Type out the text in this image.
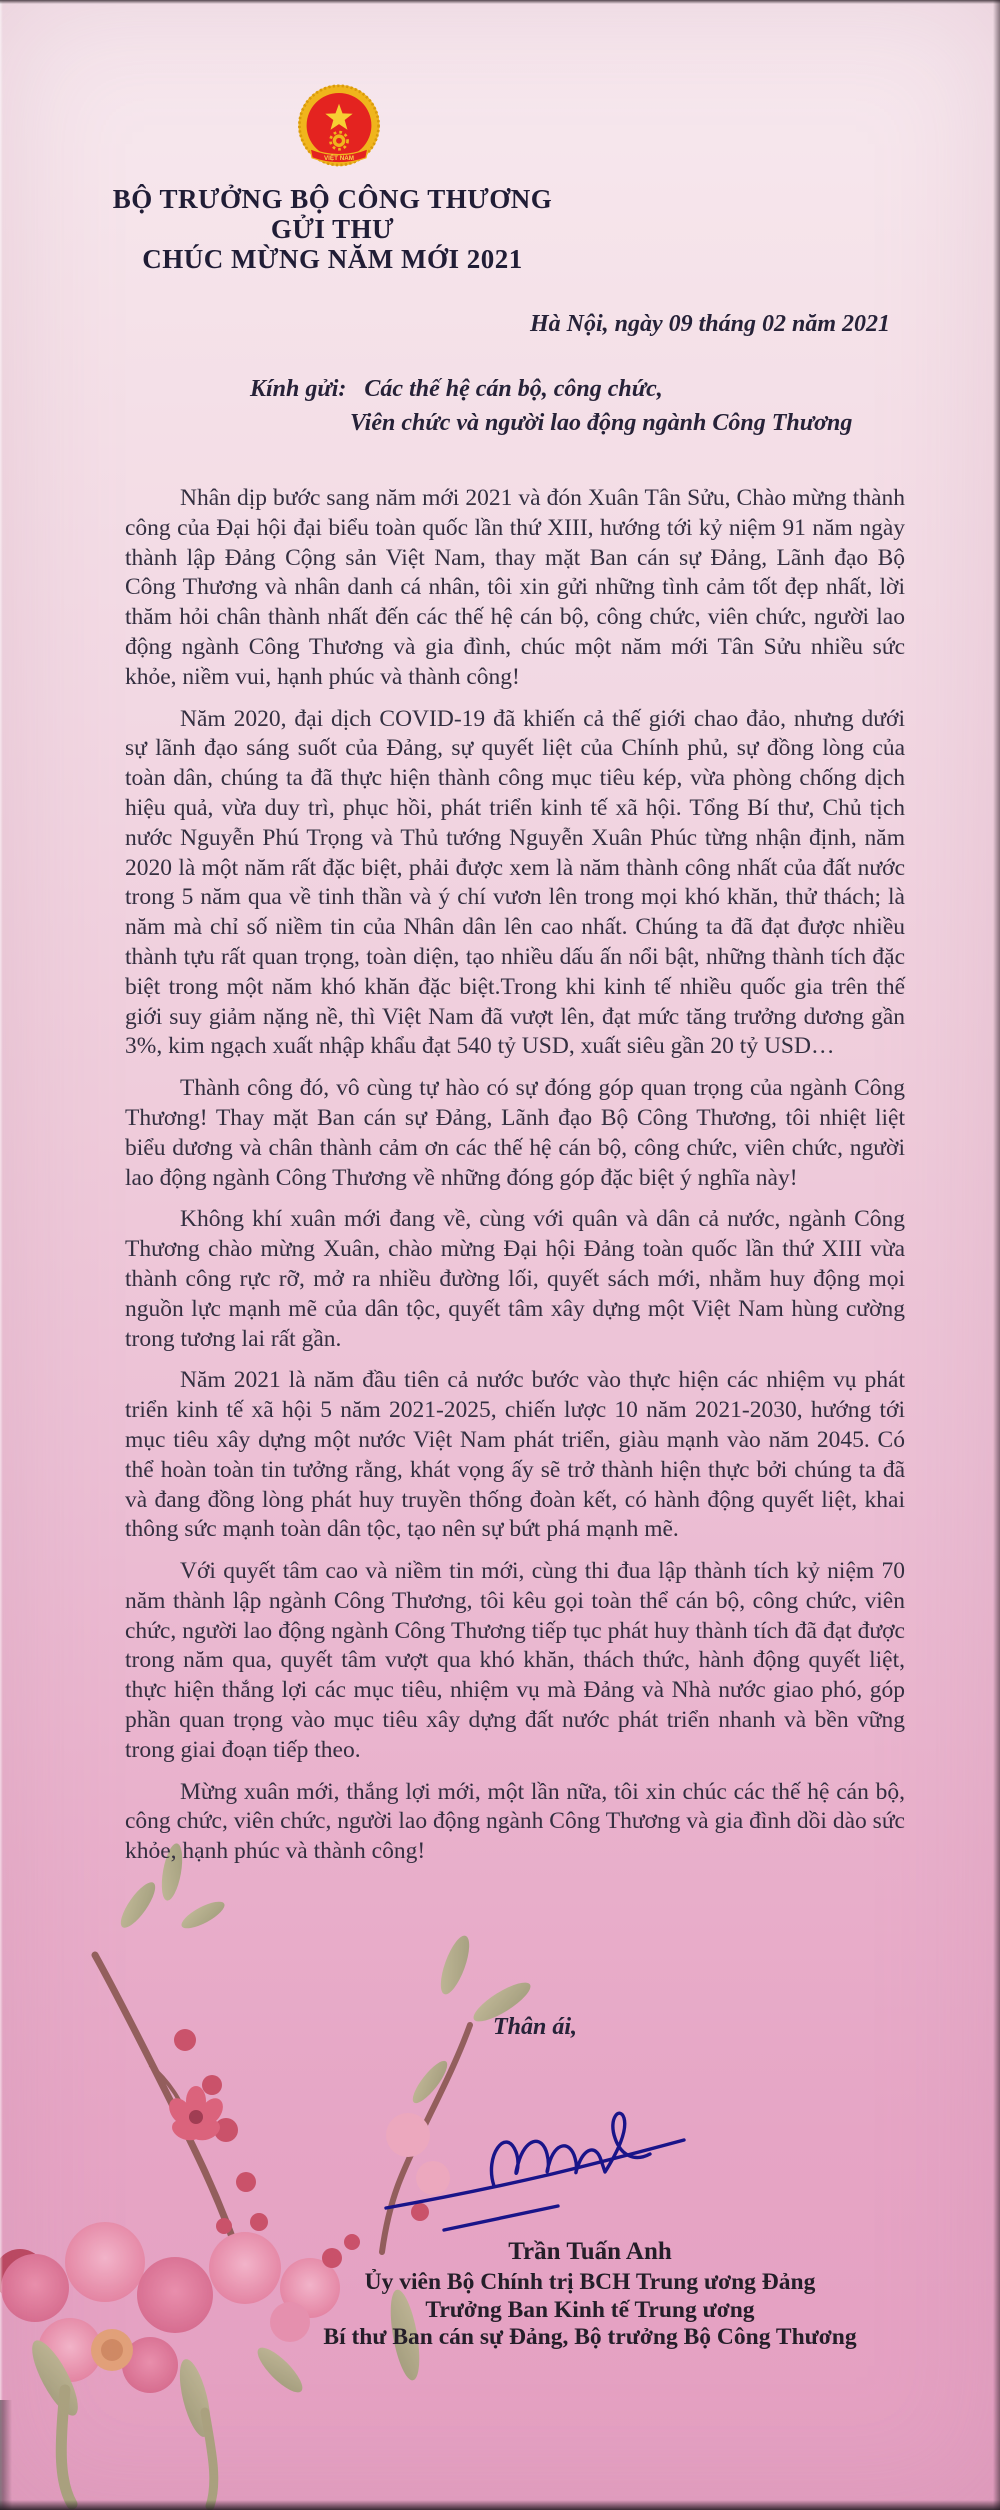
VIỆT NAM
BỘ TRƯỞNG BỘ CÔNG THƯƠNG
GỬI THƯ
CHÚC MỪNG NĂM MỚI 2021
Hà Nội, ngày 09 tháng 02 năm 2021
Kính gửi: Các thế hệ cán bộ, công chức,
Viên chức và người lao động ngành Công Thương

Nhân dịp bước sang năm mới 2021 và đón Xuân Tân Sửu, Chào mừng thành công của Đại hội đại biểu toàn quốc lần thứ XIII, hướng tới kỷ niệm 91 năm ngày thành lập Đảng Cộng sản Việt Nam, thay mặt Ban cán sự Đảng, Lãnh đạo Bộ Công Thương và nhân danh cá nhân, tôi xin gửi những tình cảm tốt đẹp nhất, lời thăm hỏi chân thành nhất đến các thế hệ cán bộ, công chức, viên chức, người lao động ngành Công Thương và gia đình, chúc một năm mới Tân Sửu nhiều sức khỏe, niềm vui, hạnh phúc và thành công!

Năm 2020, đại dịch COVID-19 đã khiến cả thế giới chao đảo, nhưng dưới sự lãnh đạo sáng suốt của Đảng, sự quyết liệt của Chính phủ, sự đồng lòng của toàn dân, chúng ta đã thực hiện thành công mục tiêu kép, vừa phòng chống dịch hiệu quả, vừa duy trì, phục hồi, phát triển kinh tế xã hội. Tổng Bí thư, Chủ tịch nước Nguyễn Phú Trọng và Thủ tướng Nguyễn Xuân Phúc từng nhận định, năm 2020 là một năm rất đặc biệt, phải được xem là năm thành công nhất của đất nước trong 5 năm qua về tinh thần và ý chí vươn lên trong mọi khó khăn, thử thách; là năm mà chỉ số niềm tin của Nhân dân lên cao nhất. Chúng ta đã đạt được nhiều thành tựu rất quan trọng, toàn diện, tạo nhiều dấu ấn nổi bật, những thành tích đặc biệt trong một năm khó khăn đặc biệt.Trong khi kinh tế nhiều quốc gia trên thế giới suy giảm nặng nề, thì Việt Nam đã vượt lên, đạt mức tăng trưởng dương gần 3%, kim ngạch xuất nhập khẩu đạt 540 tỷ USD, xuất siêu gần 20 tỷ USD…

Thành công đó, vô cùng tự hào có sự đóng góp quan trọng của ngành Công Thương! Thay mặt Ban cán sự Đảng, Lãnh đạo Bộ Công Thương, tôi nhiệt liệt biểu dương và chân thành cảm ơn các thế hệ cán bộ, công chức, viên chức, người lao động ngành Công Thương về những đóng góp đặc biệt ý nghĩa này!

Không khí xuân mới đang về, cùng với quân và dân cả nước, ngành Công Thương chào mừng Xuân, chào mừng Đại hội Đảng toàn quốc lần thứ XIII vừa thành công rực rỡ, mở ra nhiều đường lối, quyết sách mới, nhằm huy động mọi nguồn lực mạnh mẽ của dân tộc, quyết tâm xây dựng một Việt Nam hùng cường trong tương lai rất gần.

Năm 2021 là năm đầu tiên cả nước bước vào thực hiện các nhiệm vụ phát triển kinh tế xã hội 5 năm 2021-2025, chiến lược 10 năm 2021-2030, hướng tới mục tiêu xây dựng một nước Việt Nam phát triển, giàu mạnh vào năm 2045. Có thể hoàn toàn tin tưởng rằng, khát vọng ấy sẽ trở thành hiện thực bởi chúng ta đã và đang đồng lòng phát huy truyền thống đoàn kết, có hành động quyết liệt, khai thông sức mạnh toàn dân tộc, tạo nên sự bứt phá mạnh mẽ.

Với quyết tâm cao và niềm tin mới, cùng thi đua lập thành tích kỷ niệm 70 năm thành lập ngành Công Thương, tôi kêu gọi toàn thể cán bộ, công chức, viên chức, người lao động ngành Công Thương tiếp tục phát huy thành tích đã đạt được trong năm qua, quyết tâm vượt qua khó khăn, thách thức, hành động quyết liệt, thực hiện thắng lợi các mục tiêu, nhiệm vụ mà Đảng và Nhà nước giao phó, góp phần quan trọng vào mục tiêu xây dựng đất nước phát triển nhanh và bền vững trong giai đoạn tiếp theo.

Mừng xuân mới, thắng lợi mới, một lần nữa, tôi xin chúc các thế hệ cán bộ, công chức, viên chức, người lao động ngành Công Thương và gia đình dồi dào sức khỏe, hạnh phúc và thành công!

Thân ái,
Trần Tuấn Anh
Ủy viên Bộ Chính trị BCH Trung ương Đảng
Trưởng Ban Kinh tế Trung ương
Bí thư Ban cán sự Đảng, Bộ trưởng Bộ Công Thương
